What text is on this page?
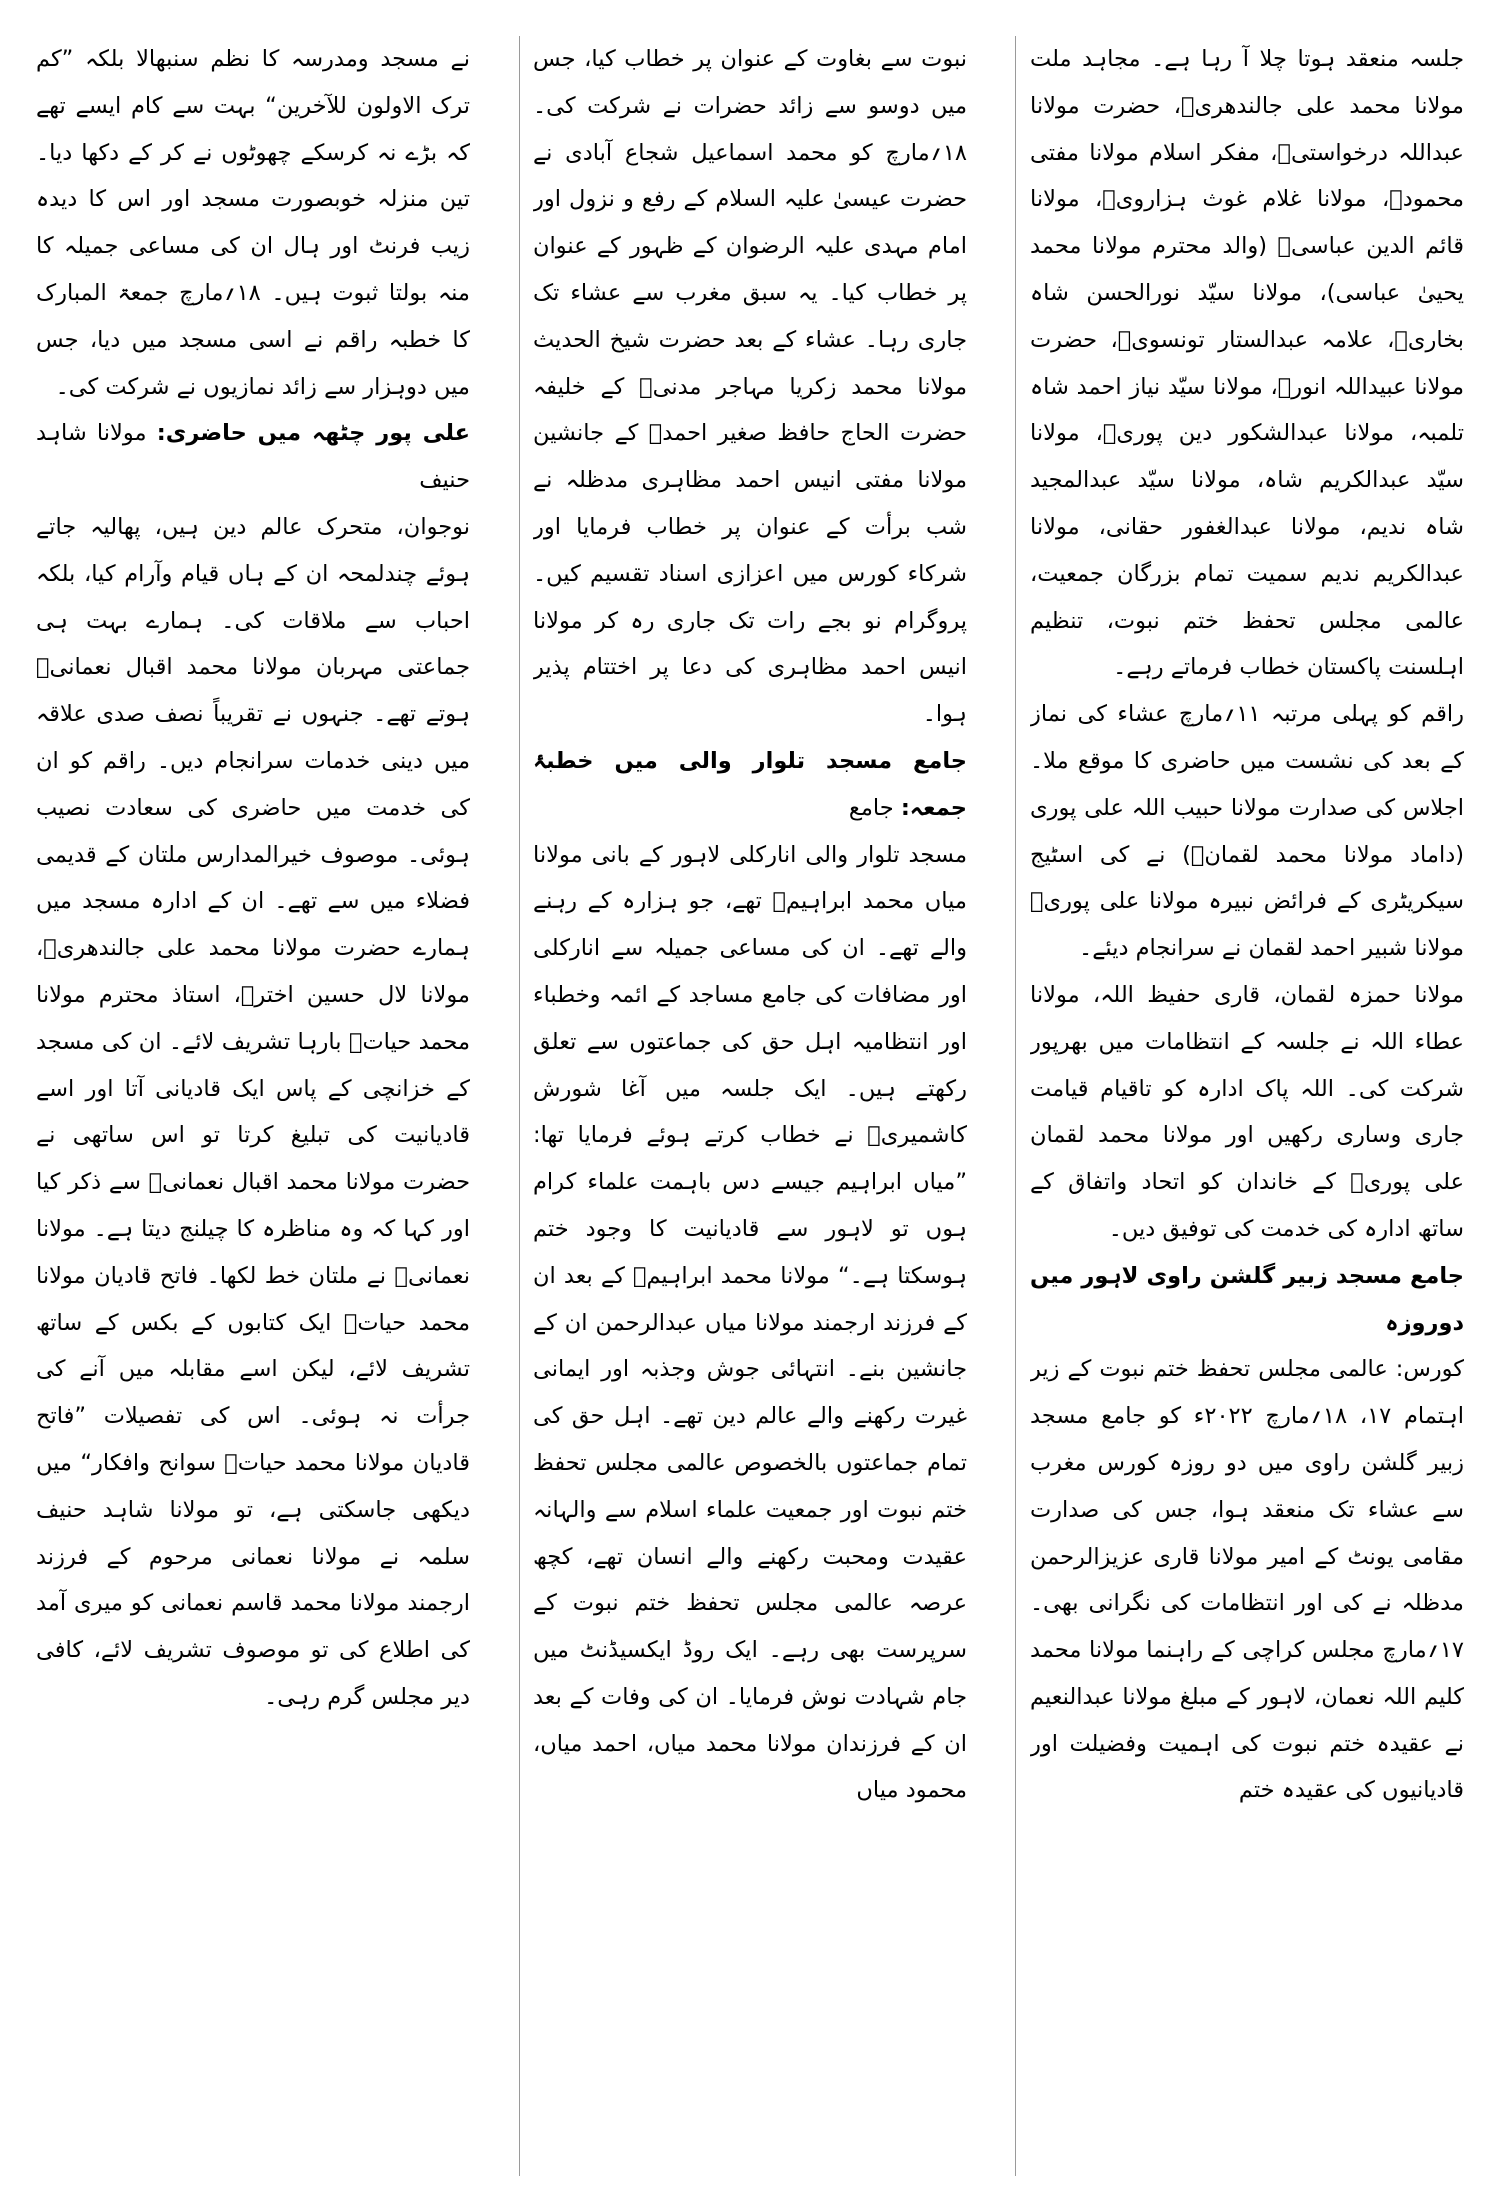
جلسہ منعقد ہوتا چلا آ رہا ہے۔ مجاہد ملت مولانا محمد علی جالندھریؒ، حضرت مولانا عبداللہ درخواستیؒ، مفکر اسلام مولانا مفتی محمودؒ، مولانا غلام غوث ہزارویؒ، مولانا قائم الدین عباسیؒ (والد محترم مولانا محمد یحییٰ عباسی)، مولانا سیّد نورالحسن شاہ بخاریؒ، علامہ عبدالستار تونسویؒ، حضرت مولانا عبیداللہ انورؒ، مولانا سیّد نیاز احمد شاہ تلمبہ، مولانا عبدالشکور دین پوریؒ، مولانا سیّد عبدالکریم شاہ، مولانا سیّد عبدالمجید شاہ ندیم، مولانا عبدالغفور حقانی، مولانا عبدالکریم ندیم سمیت تمام بزرگان جمعیت، عالمی مجلس تحفظ ختم نبوت، تنظیم اہلسنت پاکستان خطاب فرماتے رہے۔

راقم کو پہلی مرتبہ ۱۱؍مارچ عشاء کی نماز کے بعد کی نشست میں حاضری کا موقع ملا۔ اجلاس کی صدارت مولانا حبیب اللہ علی پوری (داماد مولانا محمد لقمانؒ) نے کی اسٹیج سیکریٹری کے فرائض نبیرہ مولانا علی پوریؒ مولانا شبیر احمد لقمان نے سرانجام دیئے۔

مولانا حمزہ لقمان، قاری حفیظ اللہ، مولانا عطاء اللہ نے جلسہ کے انتظامات میں بھرپور شرکت کی۔ اللہ پاک ادارہ کو تاقیام قیامت جاری وساری رکھیں اور مولانا محمد لقمان علی پوریؒ کے خاندان کو اتحاد واتفاق کے ساتھ ادارہ کی خدمت کی توفیق دیں۔

جامع مسجد زبیر گلشن راوی لاہور میں دوروزہ

کورس: عالمی مجلس تحفظ ختم نبوت کے زیر اہتمام ۱۷، ۱۸؍مارچ ۲۰۲۲ء کو جامع مسجد زبیر گلشن راوی میں دو روزہ کورس مغرب سے عشاء تک منعقد ہوا، جس کی صدارت مقامی یونٹ کے امیر مولانا قاری عزیزالرحمن مدظلہ نے کی اور انتظامات کی نگرانی بھی۔ ۱۷؍مارچ مجلس کراچی کے راہنما مولانا محمد کلیم اللہ نعمان، لاہور کے مبلغ مولانا عبدالنعیم نے عقیدہ ختم نبوت کی اہمیت وفضیلت اور قادیانیوں کی عقیدہ ختم

نبوت سے بغاوت کے عنوان پر خطاب کیا، جس میں دوسو سے زائد حضرات نے شرکت کی۔ ۱۸؍مارچ کو محمد اسماعیل شجاع آبادی نے حضرت عیسیٰ علیہ السلام کے رفع و نزول اور امام مہدی علیہ الرضوان کے ظہور کے عنوان پر خطاب کیا۔ یہ سبق مغرب سے عشاء تک جاری رہا۔ عشاء کے بعد حضرت شیخ الحدیث مولانا محمد زکریا مہاجر مدنیؒ کے خلیفہ حضرت الحاج حافظ صغیر احمدؒ کے جانشین مولانا مفتی انیس احمد مظاہری مدظلہ نے شب برأت کے عنوان پر خطاب فرمایا اور شرکاء کورس میں اعزازی اسناد تقسیم کیں۔ پروگرام نو بجے رات تک جاری رہ کر مولانا انیس احمد مظاہری کی دعا پر اختتام پذیر ہوا۔

جامع مسجد تلوار والی میں خطبۂ جمعہ: جامع

مسجد تلوار والی انارکلی لاہور کے بانی مولانا میاں محمد ابراہیمؒ تھے، جو ہزارہ کے رہنے والے تھے۔ ان کی مساعی جمیلہ سے انارکلی اور مضافات کی جامع مساجد کے ائمہ وخطباء اور انتظامیہ اہل حق کی جماعتوں سے تعلق رکھتے ہیں۔ ایک جلسہ میں آغا شورش کاشمیریؒ نے خطاب کرتے ہوئے فرمایا تھا: ”میاں ابراہیم جیسے دس باہمت علماء کرام ہوں تو لاہور سے قادیانیت کا وجود ختم ہوسکتا ہے۔“ مولانا محمد ابراہیمؒ کے بعد ان کے فرزند ارجمند مولانا میاں عبدالرحمن ان کے جانشین بنے۔ انتہائی جوش وجذبہ اور ایمانی غیرت رکھنے والے عالم دین تھے۔ اہل حق کی تمام جماعتوں بالخصوص عالمی مجلس تحفظ ختم نبوت اور جمعیت علماء اسلام سے والہانہ عقیدت ومحبت رکھنے والے انسان تھے، کچھ عرصہ عالمی مجلس تحفظ ختم نبوت کے سرپرست بھی رہے۔ ایک روڈ ایکسیڈنٹ میں جام شہادت نوش فرمایا۔ ان کی وفات کے بعد ان کے فرزندان مولانا محمد میاں، احمد میاں، محمود میاں

نے مسجد ومدرسہ کا نظم سنبھالا بلکہ ”کم ترک الاولون للآخرین“ بہت سے کام ایسے تھے کہ بڑے نہ کرسکے چھوٹوں نے کر کے دکھا دیا۔ تین منزلہ خوبصورت مسجد اور اس کا دیدہ زیب فرنٹ اور ہال ان کی مساعی جمیلہ کا منہ بولتا ثبوت ہیں۔ ۱۸؍مارچ جمعۃ المبارک کا خطبہ راقم نے اسی مسجد میں دیا، جس میں دوہزار سے زائد نمازیوں نے شرکت کی۔

علی پور چٹھہ میں حاضری: مولانا شاہد حنیف

نوجوان، متحرک عالم دین ہیں، پھالیہ جاتے ہوئے چندلمحہ ان کے ہاں قیام وآرام کیا، بلکہ احباب سے ملاقات کی۔ ہمارے بہت ہی جماعتی مہربان مولانا محمد اقبال نعمانیؒ ہوتے تھے۔ جنہوں نے تقریباً نصف صدی علاقہ میں دینی خدمات سرانجام دیں۔ راقم کو ان کی خدمت میں حاضری کی سعادت نصیب ہوئی۔ موصوف خیرالمدارس ملتان کے قدیمی فضلاء میں سے تھے۔ ان کے ادارہ مسجد میں ہمارے حضرت مولانا محمد علی جالندھریؒ، مولانا لال حسین اخترؒ، استاذ محترم مولانا محمد حیاتؒ بارہا تشریف لائے۔ ان کی مسجد کے خزانچی کے پاس ایک قادیانی آتا اور اسے قادیانیت کی تبلیغ کرتا تو اس ساتھی نے حضرت مولانا محمد اقبال نعمانیؒ سے ذکر کیا اور کہا کہ وہ مناظرہ کا چیلنج دیتا ہے۔ مولانا نعمانیؒ نے ملتان خط لکھا۔ فاتح قادیان مولانا محمد حیاتؒ ایک کتابوں کے بکس کے ساتھ تشریف لائے، لیکن اسے مقابلہ میں آنے کی جرأت نہ ہوئی۔ اس کی تفصیلات ”فاتح قادیان مولانا محمد حیاتؒ سوانح وافکار“ میں دیکھی جاسکتی ہے، تو مولانا شاہد حنیف سلمہ نے مولانا نعمانی مرحوم کے فرزند ارجمند مولانا محمد قاسم نعمانی کو میری آمد کی اطلاع کی تو موصوف تشریف لائے، کافی دیر مجلس گرم رہی۔
